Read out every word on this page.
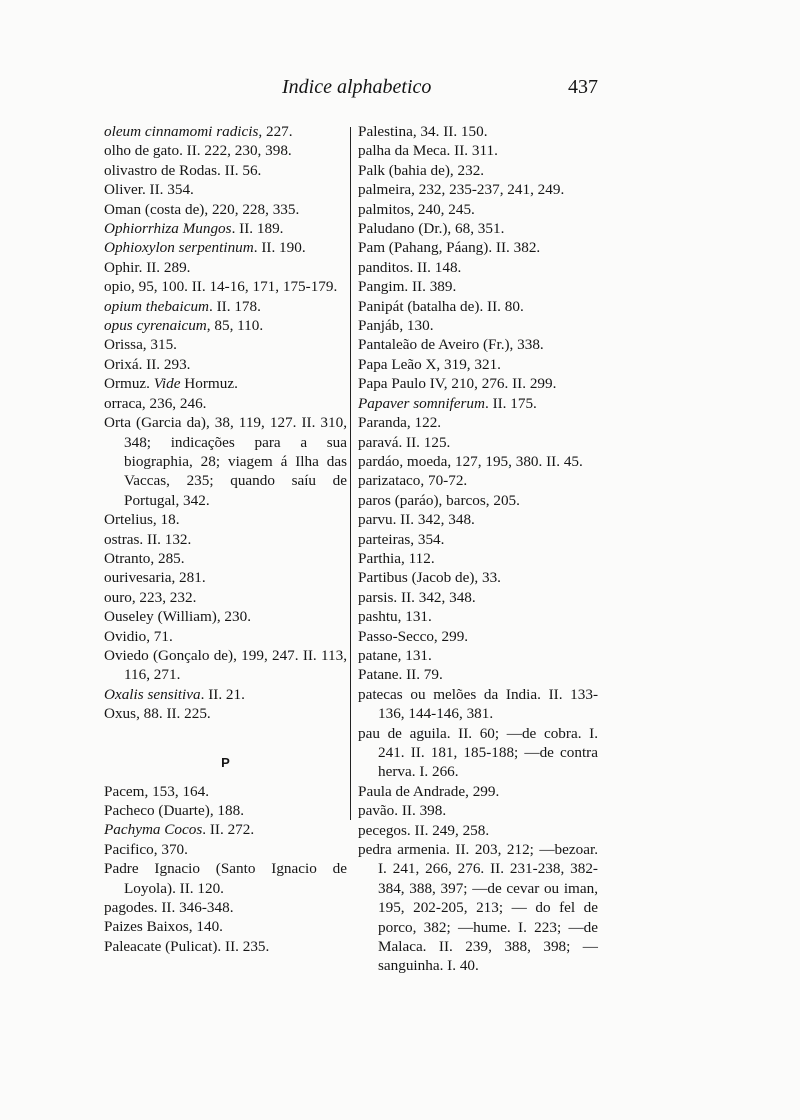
Indice alphabetico	437
oleum cinnamomi radicis, 227.
olho de gato. II. 222, 230, 398.
olivastro de Rodas. II. 56.
Oliver. II. 354.
Oman (costa de), 220, 228, 335.
Ophiorrhiza Mungos. II. 189.
Ophioxylon serpentinum. II. 190.
Ophir. II. 289.
opio, 95, 100. II. 14-16, 171, 175-179.
opium thebaicum. II. 178.
opus cyrenaicum, 85, 110.
Orissa, 315.
Orixá. II. 293.
Ormuz. Vide Hormuz.
orraca, 236, 246.
Orta (Garcia da), 38, 119, 127. II. 310, 348; indicações para a sua biographia, 28; viagem á Ilha das Vaccas, 235; quando saíu de Portugal, 342.
Ortelius, 18.
ostras. II. 132.
Otranto, 285.
ourivesaria, 281.
ouro, 223, 232.
Ouseley (William), 230.
Ovidio, 71.
Oviedo (Gonçalo de), 199, 247. II. 113, 116, 271.
Oxalis sensitiva. II. 21.
Oxus, 88. II. 225.
P
Pacem, 153, 164.
Pacheco (Duarte), 188.
Pachyma Cocos. II. 272.
Pacifico, 370.
Padre Ignacio (Santo Ignacio de Loyola). II. 120.
pagodes. II. 346-348.
Paizes Baixos, 140.
Paleacate (Pulicat). II. 235.
Palestina, 34. II. 150.
palha da Meca. II. 311.
Palk (bahia de), 232.
palmeira, 232, 235-237, 241, 249.
palmitos, 240, 245.
Paludano (Dr.), 68, 351.
Pam (Pahang, Páang). II. 382.
panditos. II. 148.
Pangim. II. 389.
Panipát (batalha de). II. 80.
Panjáb, 130.
Pantaleão de Aveiro (Fr.), 338.
Papa Leão X, 319, 321.
Papa Paulo IV, 210, 276. II. 299.
Papaver somniferum. II. 175.
Paranda, 122.
paravá. II. 125.
pardáo, moeda, 127, 195, 380. II. 45.
parizataco, 70-72.
paros (paráo), barcos, 205.
parvu. II. 342, 348.
parteiras, 354.
Parthia, 112.
Partibus (Jacob de), 33.
parsis. II. 342, 348.
pashtu, 131.
Passo-Secco, 299.
patane, 131.
Patane. II. 79.
patecas ou melões da India. II. 133-136, 144-146, 381.
pau de aguila. II. 60; —de cobra. I. 241. II. 181, 185-188; —de contra herva. I. 266.
Paula de Andrade, 299.
pavão. II. 398.
pecegos. II. 249, 258.
pedra armenia. II. 203, 212; —bezoar. I. 241, 266, 276. II. 231-238, 382-384, 388, 397; —de cevar ou iman, 195, 202-205, 213; — do fel de porco, 382; —hume. I. 223; —de Malaca. II. 239, 388, 398; —sanguinha. I. 40.
